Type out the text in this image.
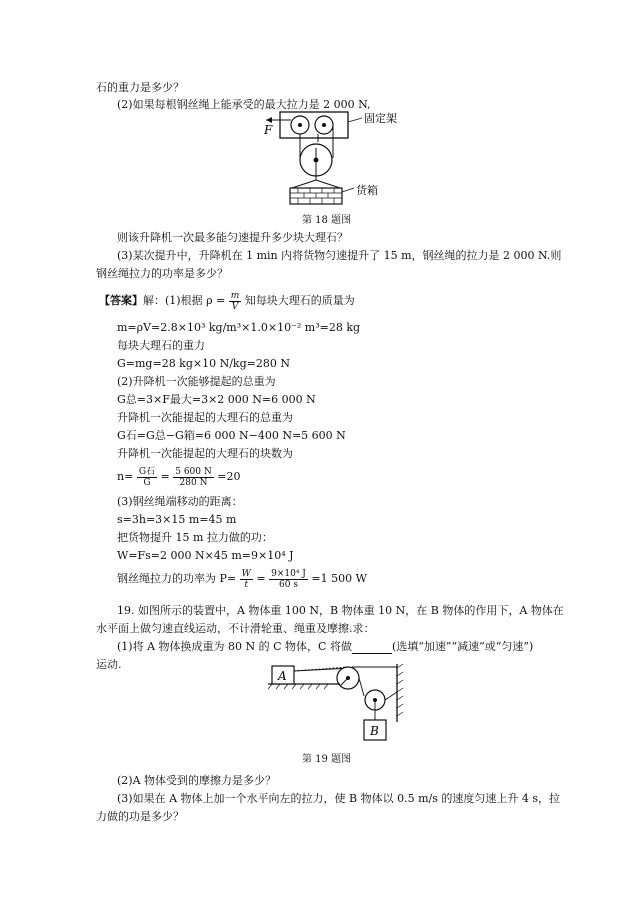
石的重力是多少？
(2)如果每根钢丝绳上能承受的最大拉力是 2 000 N,
F
固定架
货箱
第 18 题图
则该升降机一次最多能匀速提升多少块大理石？
(3)某次提升中，升降机在 1 min 内将货物匀速提升了 15 m，钢丝绳的拉力是 2 000 N.则
钢丝绳拉力的功率是多少？
【答案】解：(1)根据 $\rho = \frac{m}{V}$ 知每块大理石的质量为
m=ρV=2.8×10³ kg/m³×1.0×10⁻² m³=28 kg
每块大理石的重力
G=mg=28 kg×10 N/kg=280 N
(2)升降机一次能够提起的总重为
G总=3×F最大=3×2 000 N=6 000 N
升降机一次能提起的大理石的总重为
G石=G总−G箱=6 000 N−400 N=5 600 N
升降机一次能提起的大理石的块数为
$n= \frac{\text{G石}}{G} = \frac{5 600 N}{280 N} =20$
(3)钢丝绳端移动的距离：
s=3h=3×15 m=45 m
把货物提升 15 m 拉力做的功：
W=Fs=2 000 N×45 m=9×10⁴ J
钢丝绳拉力的功率为 $P= \frac{W}{t} = \frac{\text{9×10⁴ J}}{60 s} =1$ 500 W
19. 如图所示的装置中，A 物体重 100 N，B 物体重 10 N，在 B 物体的作用下，A 物体在
水平面上做匀速直线运动，不计滑轮重、绳重及摩擦.求：
(1)将 A 物体换成重为 80 N 的 C 物体，C 将做	(选填“加速”“减速”或“匀速”)
运动.
A
B
第 19 题图
(2)A 物体受到的摩擦力是多少？
(3)如果在 A 物体上加一个水平向左的拉力，使 B 物体以 0.5 m/s 的速度匀速上升 4 s，拉
力做的功是多少？
